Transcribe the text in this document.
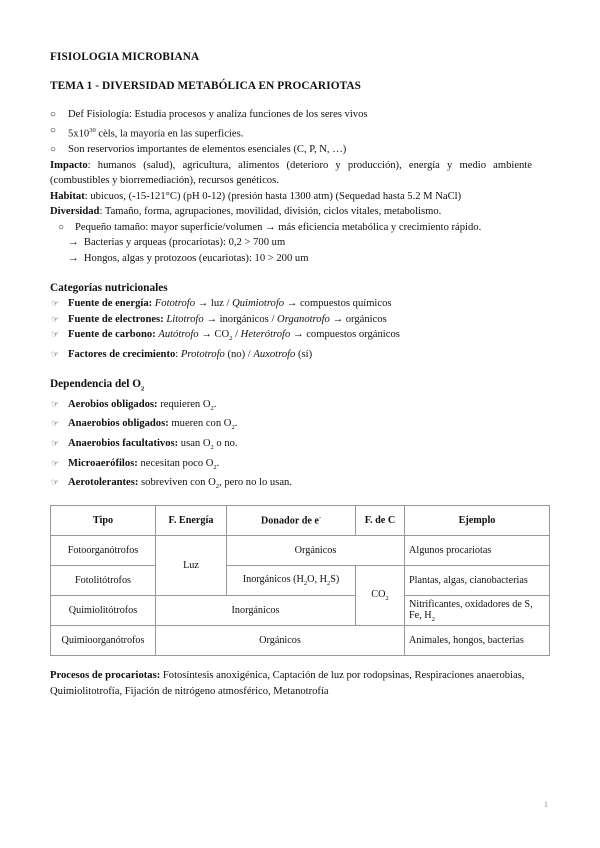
FISIOLOGIA MICROBIANA

TEMA 1 - DIVERSIDAD METABÓLICA EN PROCARIOTAS

○ Def Fisiología: Estudia procesos y analiza funciones de los seres vivos

○ $5x10^{30}$ cèls, la mayoría en las superficies.

○ Son reservorios importantes de elementos esenciales (C, P, N, …)

Impacto: humanos (salud), agricultura, alimentos (deterioro y producción), energía y medio ambiente (combustibles y biorremediación), recursos genéticos.

Habitat: ubicuos, (-15-121°C) (pH 0-12) (presión hasta 1300 atm) (Sequedad hasta 5.2 M NaCl)

Diversidad: Tamaño, forma, agrupaciones, movilidad, división, ciclos vitales, metabolismo.

○ Pequeño tamaño: mayor superficie/volumen → más eficiencia metabólica y crecimiento rápido.

→ Bacterias y arqueas (procariotas): 0,2 > 700 um

→ Hongos, algas y protozoos (eucariotas): 10 > 200 um

Categorías nutricionales

☞ Fuente de energía: Fototrofo → luz / Quimiotrofo → compuestos químicos

☞ Fuente de electrones: Litotrofo → inorgánicos / Organotrofo → orgánicos

☞ Fuente de carbono: Autótrofo → $CO_2$ / Heterótrofo → compuestos orgánicos

☞ Factores de crecimiento: Prototrofo (no) / Auxotrofo (sí)

Dependencia del $O_2$

☞ Aerobios obligados: requieren $O_2$.

☞ Anaerobios obligados: mueren con $O_2$.

☞ Anaerobios facultativos: usan $O_2$ o no.

☞ Microaerófilos: necesitan poco $O_2$.

☞ Aerotolerantes: sobreviven con $O_2$, pero no lo usan.

Tipo	F. Energía	Donador de e-	F. de C	Ejemplo
Fotoorganótrofos	Luz	Orgánicos		Algunos procariotas
Fotolitótrofos		Inorgánicos ($H_2O$, $H_2S$)	$CO_2$	Plantas, algas, cianobacterias
Quimiolitótrofos	Inorgánicos			Nitrificantes, oxidadores de S, Fe, $H_2$
Quimioorganótrofos	Orgánicos			Animales, hongos, bacterias

Procesos de procariotas: Fotosíntesis anoxigénica, Captación de luz por rodopsinas, Respiraciones anaerobias, Quimiolitotrofía, Fijación de nitrógeno atmosférico, Metanotrofía

1
